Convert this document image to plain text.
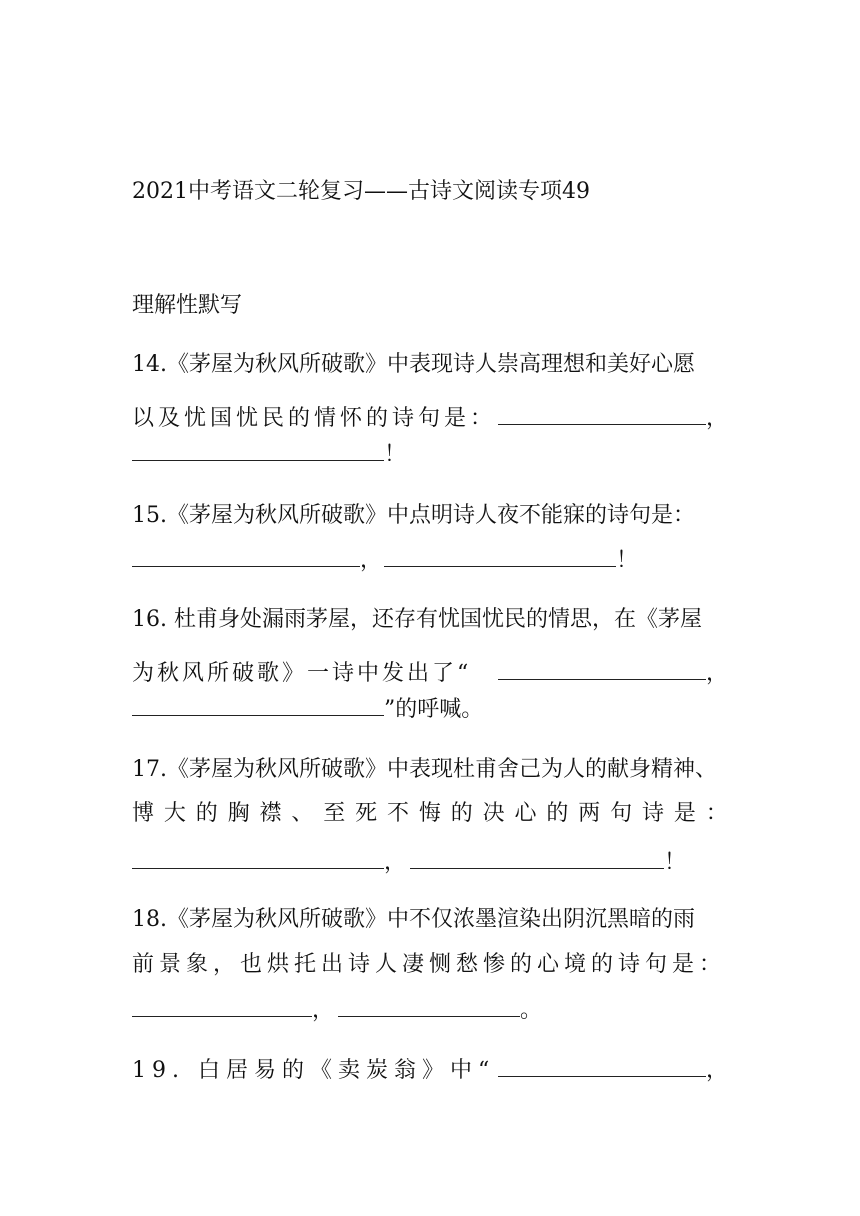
2021中考语文二轮复习——古诗文阅读专项49
理解性默写
14.《茅屋为秋风所破歌》中表现诗人崇高理想和美好心愿
以及忧国忧民的情怀的诗句是：	，
！
15.《茅屋为秋风所破歌》中点明诗人夜不能寐的诗句是：
，	！
16. 杜甫身处漏雨茅屋，还存有忧国忧民的情思，在《茅屋
为秋风所破歌》一诗中发出了“	，
”的呼喊。
17.《茅屋为秋风所破歌》中表现杜甫舍己为人的献身精神、
博 大 的 胸 襟 、 至 死 不 悔 的 决 心 的 两 句 诗 是 ：
，	！
18.《茅屋为秋风所破歌》中不仅浓墨渲染出阴沉黑暗的雨
前景象，也烘托出诗人凄恻愁惨的心境的诗句是：
，	。
19. 白居易的《卖炭翁》中“	，
